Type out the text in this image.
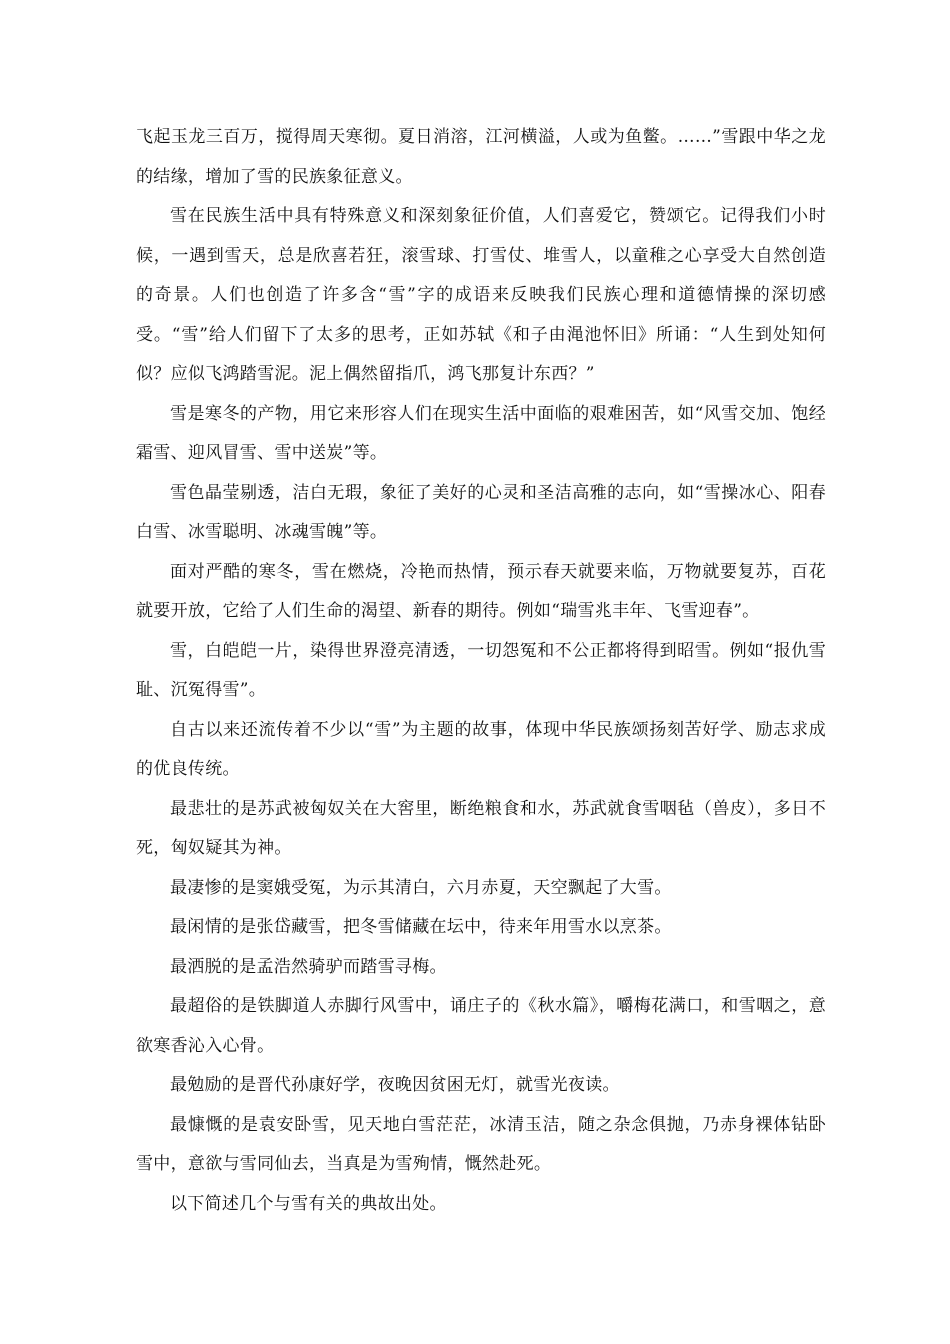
飞起玉龙三百万，搅得周天寒彻。夏日消溶，江河横溢，人或为鱼鳖。……”雪跟中华之龙的结缘，增加了雪的民族象征意义。

雪在民族生活中具有特殊意义和深刻象征价值，人们喜爱它，赞颂它。记得我们小时候，一遇到雪天，总是欣喜若狂，滚雪球、打雪仗、堆雪人，以童稚之心享受大自然创造的奇景。人们也创造了许多含“雪”字的成语来反映我们民族心理和道德情操的深切感受。“雪”给人们留下了太多的思考，正如苏轼《和子由渑池怀旧》所诵：“人生到处知何似？应似飞鸿踏雪泥。泥上偶然留指爪，鸿飞那复计东西？”

雪是寒冬的产物，用它来形容人们在现实生活中面临的艰难困苦，如“风雪交加、饱经霜雪、迎风冒雪、雪中送炭”等。

雪色晶莹剔透，洁白无瑕，象征了美好的心灵和圣洁高雅的志向，如“雪操冰心、阳春白雪、冰雪聪明、冰魂雪魄”等。

面对严酷的寒冬，雪在燃烧，冷艳而热情，预示春天就要来临，万物就要复苏，百花就要开放，它给了人们生命的渴望、新春的期待。例如“瑞雪兆丰年、飞雪迎春”。

雪，白皑皑一片，染得世界澄亮清透，一切怨冤和不公正都将得到昭雪。例如“报仇雪耻、沉冤得雪”。

自古以来还流传着不少以“雪”为主题的故事，体现中华民族颂扬刻苦好学、励志求成的优良传统。

最悲壮的是苏武被匈奴关在大窖里，断绝粮食和水，苏武就食雪咽毡（兽皮），多日不死，匈奴疑其为神。

最凄惨的是窦娥受冤，为示其清白，六月赤夏，天空飘起了大雪。

最闲情的是张岱藏雪，把冬雪储藏在坛中，待来年用雪水以烹茶。

最洒脱的是孟浩然骑驴而踏雪寻梅。

最超俗的是铁脚道人赤脚行风雪中，诵庄子的《秋水篇》，嚼梅花满口，和雪咽之，意欲寒香沁入心骨。

最勉励的是晋代孙康好学，夜晚因贫困无灯，就雪光夜读。

最慷慨的是袁安卧雪，见天地白雪茫茫，冰清玉洁，随之杂念俱抛，乃赤身裸体钻卧雪中，意欲与雪同仙去，当真是为雪殉情，慨然赴死。

以下简述几个与雪有关的典故出处。
